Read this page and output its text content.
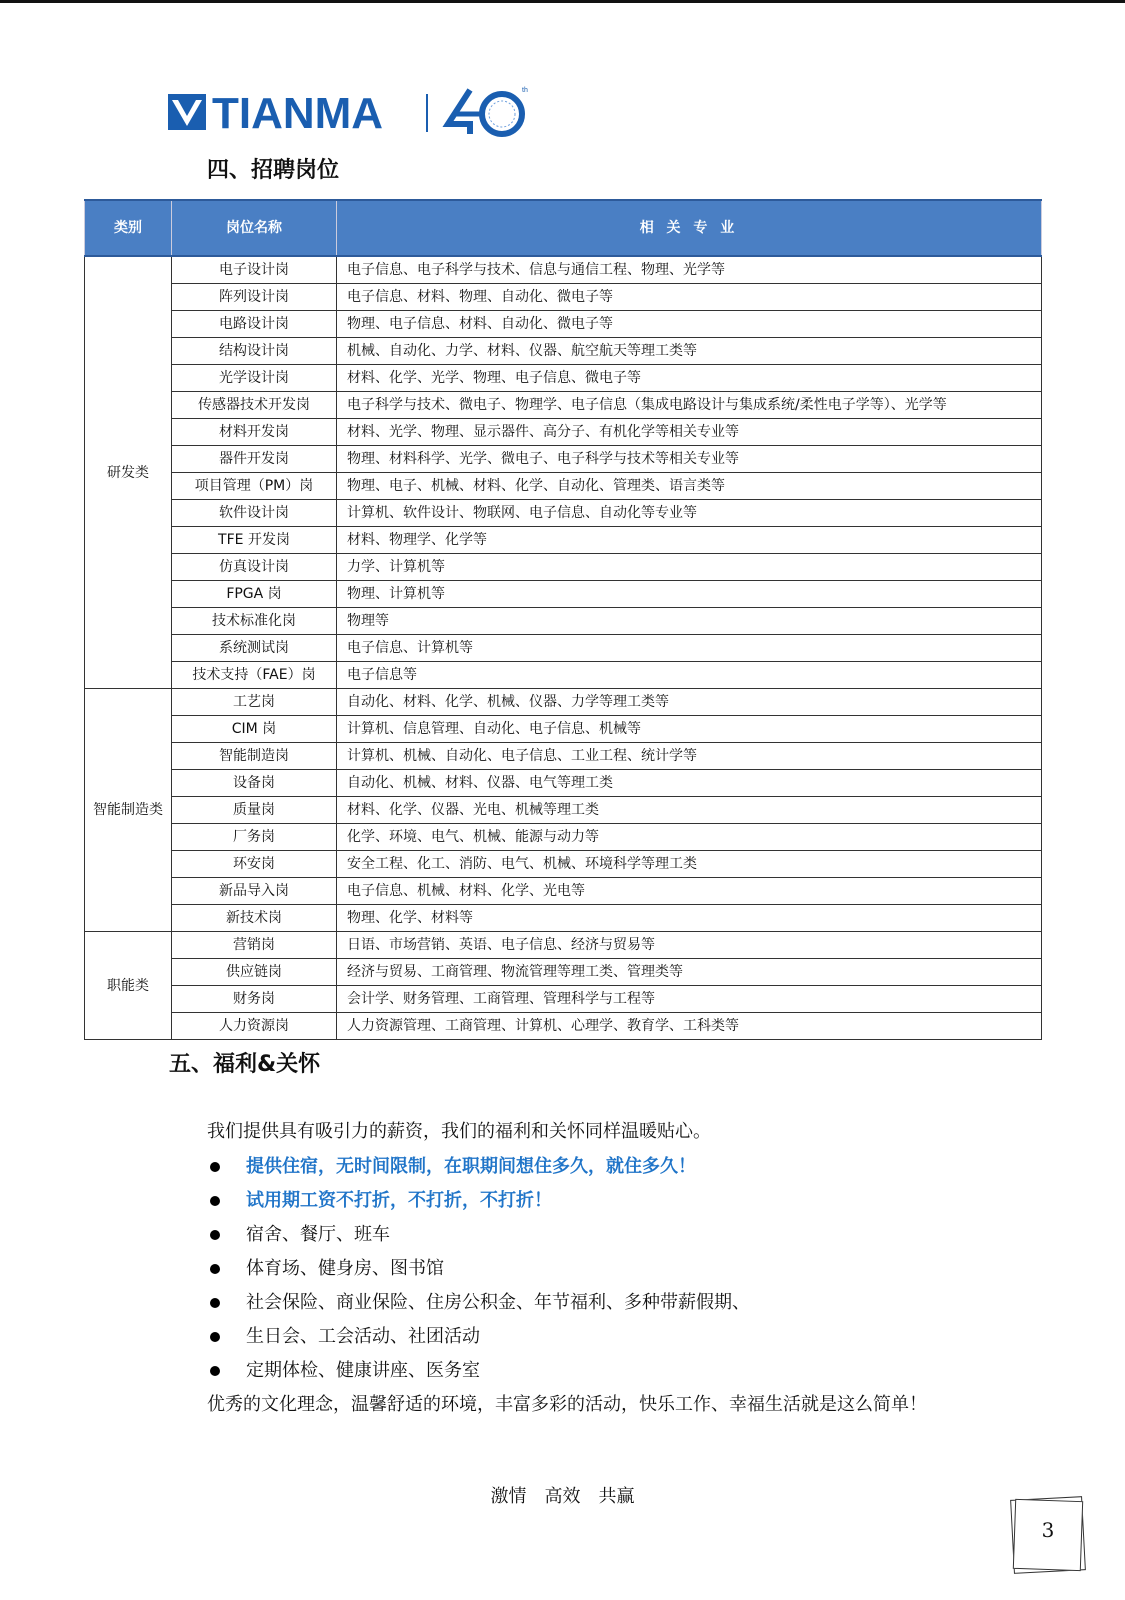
TIANMA	th
四、招聘岗位
类别	岗位名称	相 关 专 业
研发类	电子设计岗	电子信息、电子科学与技术、信息与通信工程、物理、光学等
	阵列设计岗	电子信息、材料、物理、自动化、微电子等
	电路设计岗	物理、电子信息、材料、自动化、微电子等
	结构设计岗	机械、自动化、力学、材料、仪器、航空航天等理工类等
	光学设计岗	材料、化学、光学、物理、电子信息、微电子等
	传感器技术开发岗	电子科学与技术、微电子、物理学、电子信息（集成电路设计与集成系统/柔性电子学等）、光学等
	材料开发岗	材料、光学、物理、显示器件、高分子、有机化学等相关专业等
	器件开发岗	物理、材料科学、光学、微电子、电子科学与技术等相关专业等
	项目管理（PM）岗	物理、电子、机械、材料、化学、自动化、管理类、语言类等
	软件设计岗	计算机、软件设计、物联网、电子信息、自动化等专业等
	TFE 开发岗	材料、物理学、化学等
	仿真设计岗	力学、计算机等
	FPGA 岗	物理、计算机等
	技术标准化岗	物理等
	系统测试岗	电子信息、计算机等
	技术支持（FAE）岗	电子信息等
智能制造类	工艺岗	自动化、材料、化学、机械、仪器、力学等理工类等
	CIM 岗	计算机、信息管理、自动化、电子信息、机械等
	智能制造岗	计算机、机械、自动化、电子信息、工业工程、统计学等
	设备岗	自动化、机械、材料、仪器、电气等理工类
	质量岗	材料、化学、仪器、光电、机械等理工类
	厂务岗	化学、环境、电气、机械、能源与动力等
	环安岗	安全工程、化工、消防、电气、机械、环境科学等理工类
	新品导入岗	电子信息、机械、材料、化学、光电等
	新技术岗	物理、化学、材料等
职能类	营销岗	日语、市场营销、英语、电子信息、经济与贸易等
	供应链岗	经济与贸易、工商管理、物流管理等理工类、管理类等
	财务岗	会计学、财务管理、工商管理、管理科学与工程等
	人力资源岗	人力资源管理、工商管理、计算机、心理学、教育学、工科类等
五、福利&关怀

我们提供具有吸引力的薪资，我们的福利和关怀同样温暖贴心。

提供住宿，无时间限制，在职期间想住多久，就住多久！
试用期工资不打折，不打折，不打折！
宿舍、餐厅、班车
体育场、健身房、图书馆
社会保险、商业保险、住房公积金、年节福利、多种带薪假期、
生日会、工会活动、社团活动
定期体检、健康讲座、医务室

优秀的文化理念，温馨舒适的环境，丰富多彩的活动，快乐工作、幸福生活就是这么简单！

激情　高效　共赢
3
